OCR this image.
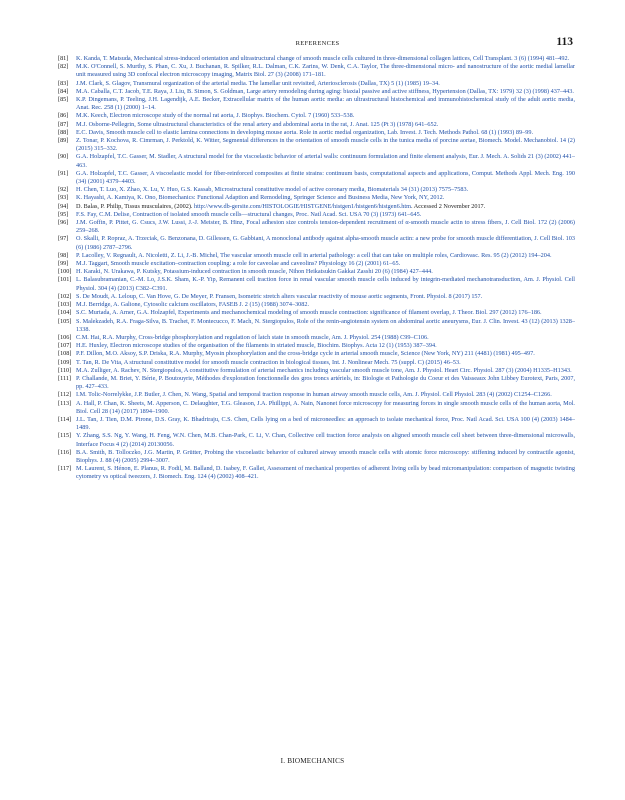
REFERENCES	113
[81]	K. Kanda, T. Matsuda, Mechanical stress-induced orientation and ultrastructural change of smooth muscle cells cultured in three-dimensional collagen lattices, Cell Transplant. 3 (6) (1994) 481–492.
[82]	M.K. O'Connell, S. Murthy, S. Phan, C. Xu, J. Buchanan, R. Spilker, R.L. Dalman, C.K. Zarins, W. Denk, C.A. Taylor, The three-dimensional micro- and nanostructure of the aortic medial lamellar unit measured using 3D confocal electron microscopy imaging, Matrix Biol. 27 (3) (2008) 171–181.
[83]	J.M. Clark, S. Glagov, Transmural organization of the arterial media. The lamellar unit revisited, Arteriosclerosis (Dallas, TX) 5 (1) (1985) 19–34.
[84]	M.A. Caballa, C.T. Jacob, T.E. Raya, J. Liu, B. Simon, S. Goldman, Large artery remodeling during aging: biaxial passive and active stiffness, Hypertension (Dallas, TX: 1979) 32 (3) (1998) 437–443.
[85]	K.P. Dingemans, P. Teeling, J.H. Lagendijk, A.E. Becker, Extracellular matrix of the human aortic media: an ultrastructural histochemical and immunohistochemical study of the adult aortic media, Anat. Rec. 258 (1) (2000) 1–14.
[86]	M.K. Keech, Electron microscope study of the normal rat aorta, J. Biophys. Biochem. Cytol. 7 (1960) 533–538.
[87]	M.J. Osborne-Pellegrin, Some ultrastructural characteristics of the renal artery and abdominal aorta in the rat, J. Anat. 125 (Pt 3) (1978) 641–652.
[88]	E.C. Davis, Smooth muscle cell to elastic lamina connections in developing mouse aorta. Role in aortic medial organization, Lab. Invest. J. Tech. Methods Pathol. 68 (1) (1993) 89–99.
[89]	Z. Tonar, P. Kochova, R. Cimrman, J. Perktold, K. Witter, Segmental differences in the orientation of smooth muscle cells in the tunica media of porcine aortae, Biomech. Model. Mechanobiol. 14 (2) (2015) 315–332.
[90]	G.A. Holzapfel, T.C. Gasser, M. Stadler, A structural model for the viscoelastic behavior of arterial walls: continuum formulation and finite element analysis, Eur. J. Mech. A. Solids 21 (3) (2002) 441–463.
[91]	G.A. Holzapfel, T.C. Gasser, A viscoelastic model for fiber-reinforced composites at finite strains: continuum basis, computational aspects and applications, Comput. Methods Appl. Mech. Eng. 190 (34) (2001) 4379–4403.
[92]	H. Chen, T. Luo, X. Zhao, X. Lu, Y. Huo, G.S. Kassab, Microstructural constitutive model of active coronary media, Biomaterials 34 (31) (2013) 7575–7583.
[93]	K. Hayashi, A. Kamiya, K. Ono, Biomechanics: Functional Adaption and Remodeling, Springer Science and Business Media, New York, NY, 2012.
[94]	D. Balas, P. Philip, Tissus musculaires, (2002). http://www.db-gersite.com/HISTOLOGIE/HISTGENE/histgen1/histgen6/histgen6.htm. Accessed 2 November 2017.
[95]	F.S. Fay, C.M. Delise, Contraction of isolated smooth muscle cells—structural changes, Proc. Natl Acad. Sci. USA 70 (3) (1973) 641–645.
[96]	J.M. Goffin, P. Pittet, G. Csucs, J.W. Lussi, J.-J. Meister, B. Hinz, Focal adhesion size controls tension-dependent recruitment of α-smooth muscle actin to stress fibers, J. Cell Biol. 172 (2) (2006) 259–268.
[97]	O. Skalli, P. Ropraz, A. Trzeciak, G. Benzonana, D. Gillessen, G. Gabbiani, A monoclonal antibody against alpha-smooth muscle actin: a new probe for smooth muscle differentiation, J. Cell Biol. 103 (6) (1986) 2787–2796.
[98]	P. Lacolley, V. Regnault, A. Nicoletti, Z. Li, J.-B. Michel, The vascular smooth muscle cell in arterial pathology: a cell that can take on multiple roles, Cardiovasc. Res. 95 (2) (2012) 194–204.
[99]	M.J. Taggart, Smooth muscle excitation–contraction coupling: a role for caveolae and caveolins? Physiology 16 (2) (2001) 61–65.
[100] H. Karaki, N. Urakawa, P. Kutsky, Potassium-induced contraction in smooth muscle, Nihon Heikatsukin Gakkai Zasshi 20 (6) (1984) 427–444.
[101] L. Balasubramanian, C.-M. Lo, J.S.K. Sham, K.-P. Yip, Remanent cell traction force in renal vascular smooth muscle cells induced by integrin-mediated mechanotransduction, Am. J. Physiol. Cell Physiol. 304 (4) (2013) C382–C391.
[102] S. De Moudt, A. Leloup, C. Van Hove, G. De Meyer, P. Fransen, Isometric stretch alters vascular reactivity of mouse aortic segments, Front. Physiol. 8 (2017) 157.
[103] M.J. Berridge, A. Galione, Cytosolic calcium oscillators, FASEB J. 2 (15) (1988) 3074–3082.
[104] S.C. Murtada, A. Arner, G.A. Holzapfel, Experiments and mechanochemical modeling of smooth muscle contraction: significance of filament overlap, J. Theor. Biol. 297 (2012) 176–186.
[105] S. Malekzadeh, R.A. Fraga-Silva, B. Trachet, F. Montecucco, F. Mach, N. Stergiopulos, Role of the renin-angiotensin system on abdominal aortic aneurysms, Eur. J. Clin. Invest. 43 (12) (2013) 1328–1338.
[106] C.M. Hai, R.A. Murphy, Cross-bridge phosphorylation and regulation of latch state in smooth muscle, Am. J. Physiol. 254 (1988) C99–C106.
[107] H.E. Huxley, Electron microscope studies of the organisation of the filaments in striated muscle, Biochim. Biophys. Acta 12 (1) (1953) 387–394.
[108] P.F. Dillon, M.O. Aksoy, S.P. Driska, R.A. Murphy, Myosin phosphorylation and the cross-bridge cycle in arterial smooth muscle, Science (New York, NY) 211 (4481) (1981) 495–497.
[109] T. Tan, R. De Vita, A structural constitutive model for smooth muscle contraction in biological tissues, Int. J. Nonlinear Mech. 75 (suppl. C) (2015) 46–53.
[110] M.A. Zulliger, A. Rachev, N. Stergiopulos, A constitutive formulation of arterial mechanics including vascular smooth muscle tone, Am. J. Physiol. Heart Circ. Physiol. 287 (3) (2004) H1335–H1343.
[111] P. Challande, M. Briet, Y. Bérie, P. Boutouyrie, Méthodes d'exploration fonctionnelle des gros troncs artériels, in: Biologie et Pathologie du Coeur et des Vaisseaux John Libbey Eurotext, Paris, 2007, pp. 427–433.
[112] I.M. Tolic-Norrelykke, J.P. Butler, J. Chen, N. Wang, Spatial and temporal traction response in human airway smooth muscle cells, Am. J. Physiol. Cell Physiol. 283 (4) (2002) C1254–C1266.
[113] A. Hall, P. Chan, K. Sheets, M. Apperson, C. Delaughter, T.G. Gleason, J.A. Phillippi, A. Nain, Nanonet force microscopy for measuring forces in single smooth muscle cells of the human aorta, Mol. Biol. Cell 28 (14) (2017) 1894–1900.
[114] J.L. Tan, J. Tien, D.M. Pirone, D.S. Gray, K. Bhadriraju, C.S. Chen, Cells lying on a bed of microneedles: an approach to isolate mechanical force, Proc. Natl Acad. Sci. USA 100 (4) (2003) 1484–1489.
[115] Y. Zhang, S.S. Ng, Y. Wang, H. Feng, W.N. Chen, M.B. Chan-Park, C. Li, V. Chan, Collective cell traction force analysis on aligned smooth muscle cell sheet between three-dimensional microwalls, Interface Focus 4 (2) (2014) 20130056.
[116] B.A. Smith, B. Tolloczko, J.G. Martin, P. Grütter, Probing the viscoelastic behavior of cultured airway smooth muscle cells with atomic force microscopy: stiffening induced by contractile agonist, Biophys. J. 88 (4) (2005) 2994–3007.
[117] M. Laurent, S. Hénon, E. Planus, R. Fodil, M. Balland, D. Isabey, F. Gallet, Assessment of mechanical properties of adherent living cells by bead micromanipulation: comparison of magnetic twisting cytometry vs optical tweezers, J. Biomech. Eng. 124 (4) (2002) 408–421.
I. BIOMECHANICS
